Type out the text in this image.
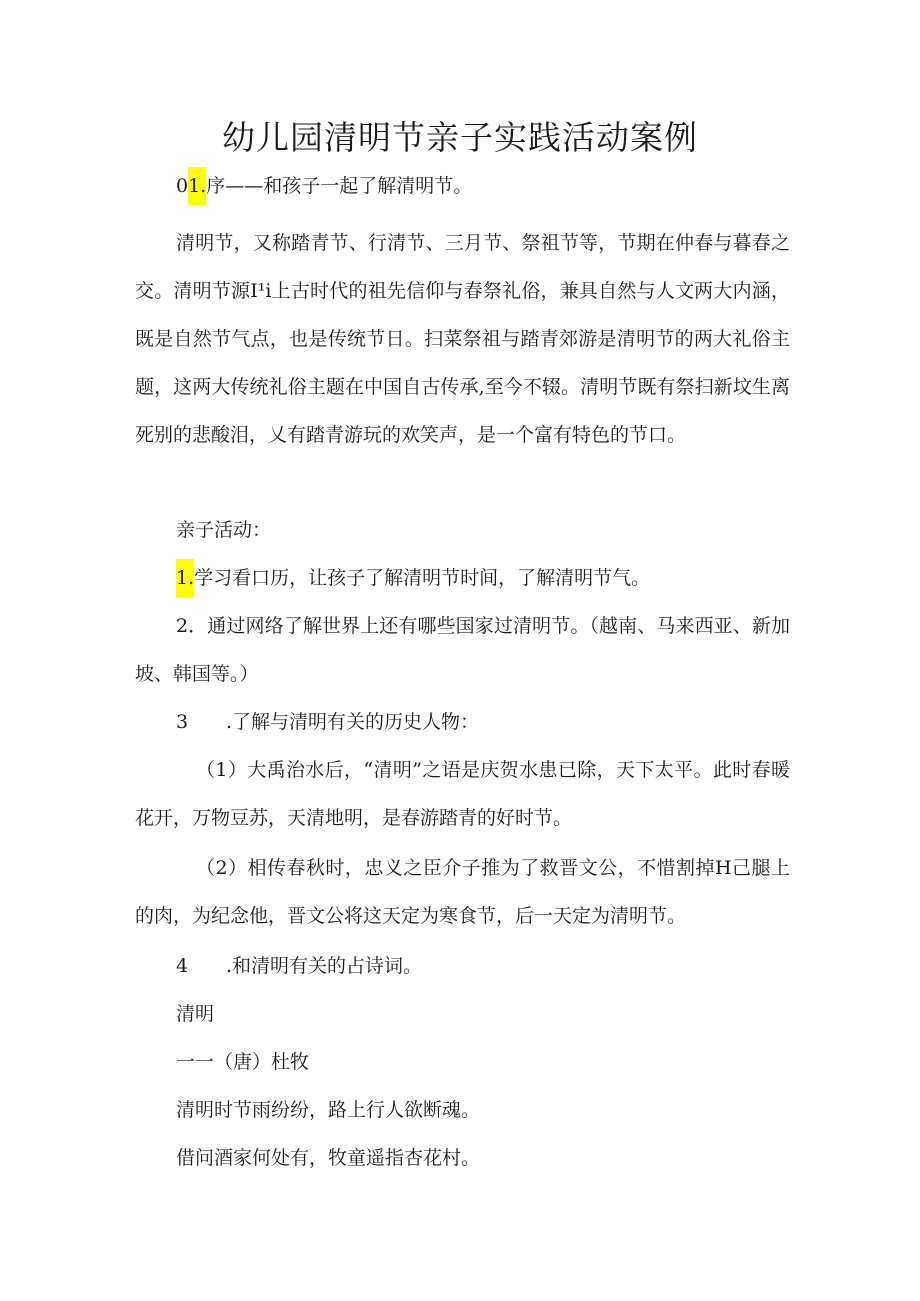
幼儿园清明节亲子实践活动案例
01.序——和孩子一起了解清明节。

清明节，又称踏青节、行清节、三月节、祭祖节等，节期在仲春与暮春之交。清明节源I¹i上古时代的祖先信仰与春祭礼俗，兼具自然与人文两大内涵，既是自然节气点，也是传统节日。扫菜祭祖与踏青郊游是清明节的两大礼俗主题，这两大传统礼俗主题在中国自古传承,至今不辍。清明节既有祭扫新坟生离死别的悲酸泪，乂有踏青游玩的欢笑声，是一个富有特色的节口。

亲子活动：
1.学习看口历，让孩子了解清明节时间，了解清明节气。

2．通过网络了解世界上还有哪些国家过清明节。（越南、马来西亚、新加坡、韩国等。）

3 .了解与清明有关的历史人物：

（1）大禹治水后，“清明”之语是庆贺水患已除，天下太平。此时春暖花开，万物豆苏，天清地明，是春游踏青的好时节。

（2）相传春秋时，忠义之臣介子推为了救晋文公，不惜割掉H己腿上的肉，为纪念他，晋文公将这天定为寒食节，后一天定为清明节。

4 .和清明有关的占诗词。
清明
一一（唐）杜牧
清明时节雨纷纷，路上行人欲断魂。
借问酒家何处有，牧童遥指杏花村。
